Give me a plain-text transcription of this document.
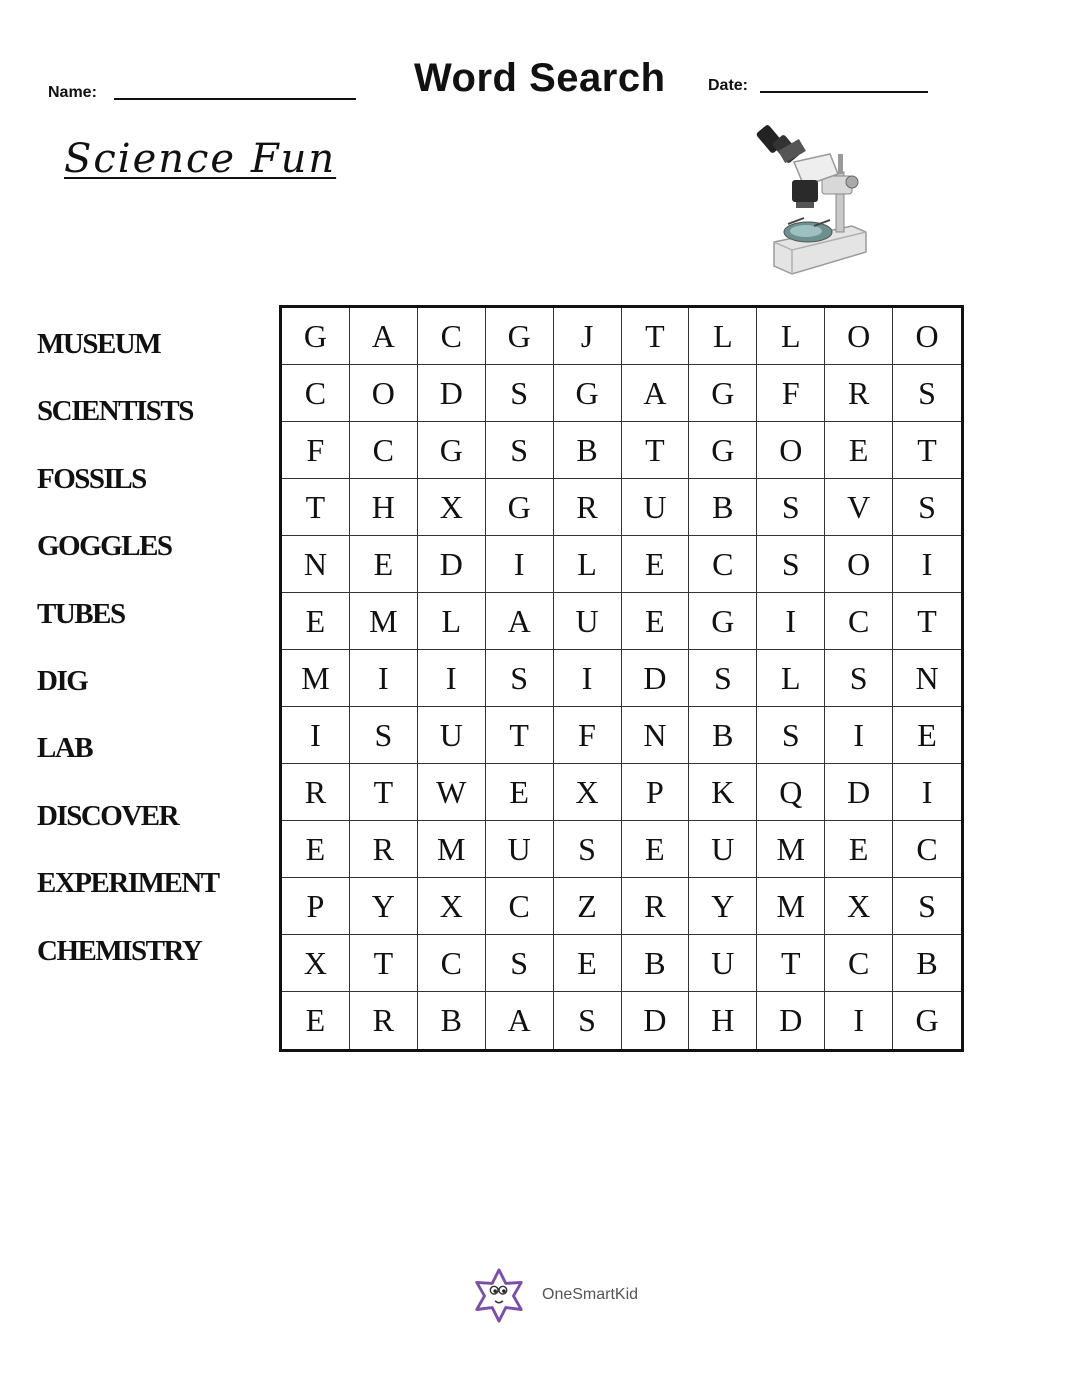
Name:	Word Search	Date:
Science Fun
MUSEUM
SCIENTISTS
FOSSILS
GOGGLES
TUBES
DIG
LAB
DISCOVER
EXPERIMENT
CHEMISTRY
G	A	C	G	J	T	L	L	O	O
C	O	D	S	G	A	G	F	R	S
F	C	G	S	B	T	G	O	E	T
T	H	X	G	R	U	B	S	V	S
N	E	D	I	L	E	C	S	O	I
E	M	L	A	U	E	G	I	C	T
M	I	I	S	I	D	S	L	S	N
I	S	U	T	F	N	B	S	I	E
R	T	W	E	X	P	K	Q	D	I
E	R	M	U	S	E	U	M	E	C
P	Y	X	C	Z	R	Y	M	X	S
X	T	C	S	E	B	U	T	C	B
E	R	B	A	S	D	H	D	I	G
OneSmartKid
